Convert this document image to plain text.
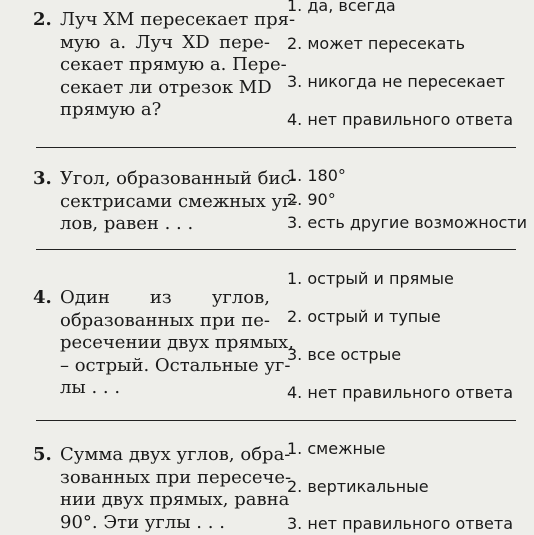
2. Луч XM пересекает пря-
мую a. Луч XD пере-
секает прямую a. Пере-
секает ли отрезок MD
прямую a?
1. да, всегда
2. может пересекать
3. никогда не пересекает
4. нет правильного ответа
3. Угол, образованный бис-
сектрисами смежных уг-
лов, равен . . .
1. 180°
2. 90°
3. есть другие возможности
4. Один из углов,
образованных при пе-
ресечении двух прямых,
– острый. Остальные уг-
лы . . .
1. острый и прямые
2. острый и тупые
3. все острые
4. нет правильного ответа
5. Сумма двух углов, обра-
зованных при пересече-
нии двух прямых, равна
90°. Эти углы . . .
1. смежные
2. вертикальные
3. нет правильного ответа
